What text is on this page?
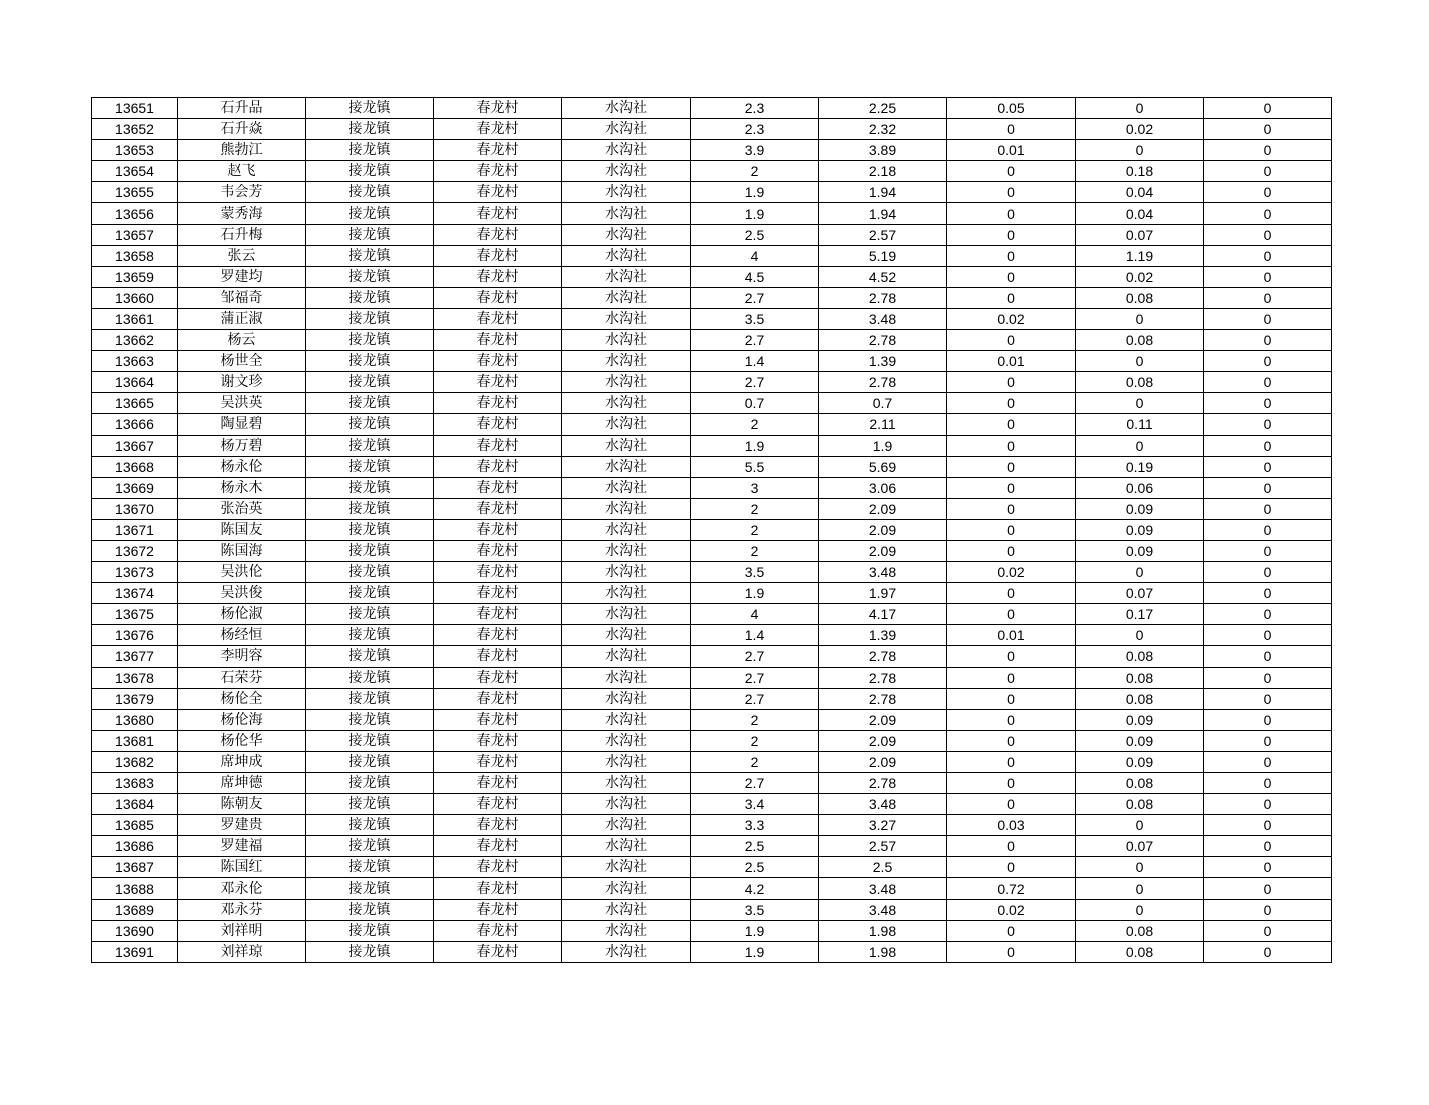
13651	石升品	接龙镇	春龙村	水沟社	2.3	2.25	0.05	0	0
13652	石升焱	接龙镇	春龙村	水沟社	2.3	2.32	0	0.02	0
13653	熊勃江	接龙镇	春龙村	水沟社	3.9	3.89	0.01	0	0
13654	赵飞	接龙镇	春龙村	水沟社	2	2.18	0	0.18	0
13655	韦会芳	接龙镇	春龙村	水沟社	1.9	1.94	0	0.04	0
13656	蒙秀海	接龙镇	春龙村	水沟社	1.9	1.94	0	0.04	0
13657	石升梅	接龙镇	春龙村	水沟社	2.5	2.57	0	0.07	0
13658	张云	接龙镇	春龙村	水沟社	4	5.19	0	1.19	0
13659	罗建均	接龙镇	春龙村	水沟社	4.5	4.52	0	0.02	0
13660	邹福奇	接龙镇	春龙村	水沟社	2.7	2.78	0	0.08	0
13661	蒲正淑	接龙镇	春龙村	水沟社	3.5	3.48	0.02	0	0
13662	杨云	接龙镇	春龙村	水沟社	2.7	2.78	0	0.08	0
13663	杨世全	接龙镇	春龙村	水沟社	1.4	1.39	0.01	0	0
13664	谢文珍	接龙镇	春龙村	水沟社	2.7	2.78	0	0.08	0
13665	吴洪英	接龙镇	春龙村	水沟社	0.7	0.7	0	0	0
13666	陶显碧	接龙镇	春龙村	水沟社	2	2.11	0	0.11	0
13667	杨万碧	接龙镇	春龙村	水沟社	1.9	1.9	0	0	0
13668	杨永伦	接龙镇	春龙村	水沟社	5.5	5.69	0	0.19	0
13669	杨永木	接龙镇	春龙村	水沟社	3	3.06	0	0.06	0
13670	张治英	接龙镇	春龙村	水沟社	2	2.09	0	0.09	0
13671	陈国友	接龙镇	春龙村	水沟社	2	2.09	0	0.09	0
13672	陈国海	接龙镇	春龙村	水沟社	2	2.09	0	0.09	0
13673	吴洪伦	接龙镇	春龙村	水沟社	3.5	3.48	0.02	0	0
13674	吴洪俊	接龙镇	春龙村	水沟社	1.9	1.97	0	0.07	0
13675	杨伦淑	接龙镇	春龙村	水沟社	4	4.17	0	0.17	0
13676	杨经恒	接龙镇	春龙村	水沟社	1.4	1.39	0.01	0	0
13677	李明容	接龙镇	春龙村	水沟社	2.7	2.78	0	0.08	0
13678	石荣芬	接龙镇	春龙村	水沟社	2.7	2.78	0	0.08	0
13679	杨伦全	接龙镇	春龙村	水沟社	2.7	2.78	0	0.08	0
13680	杨伦海	接龙镇	春龙村	水沟社	2	2.09	0	0.09	0
13681	杨伦华	接龙镇	春龙村	水沟社	2	2.09	0	0.09	0
13682	席坤成	接龙镇	春龙村	水沟社	2	2.09	0	0.09	0
13683	席坤德	接龙镇	春龙村	水沟社	2.7	2.78	0	0.08	0
13684	陈朝友	接龙镇	春龙村	水沟社	3.4	3.48	0	0.08	0
13685	罗建贵	接龙镇	春龙村	水沟社	3.3	3.27	0.03	0	0
13686	罗建福	接龙镇	春龙村	水沟社	2.5	2.57	0	0.07	0
13687	陈国红	接龙镇	春龙村	水沟社	2.5	2.5	0	0	0
13688	邓永伦	接龙镇	春龙村	水沟社	4.2	3.48	0.72	0	0
13689	邓永芬	接龙镇	春龙村	水沟社	3.5	3.48	0.02	0	0
13690	刘祥明	接龙镇	春龙村	水沟社	1.9	1.98	0	0.08	0
13691	刘祥琼	接龙镇	春龙村	水沟社	1.9	1.98	0	0.08	0
